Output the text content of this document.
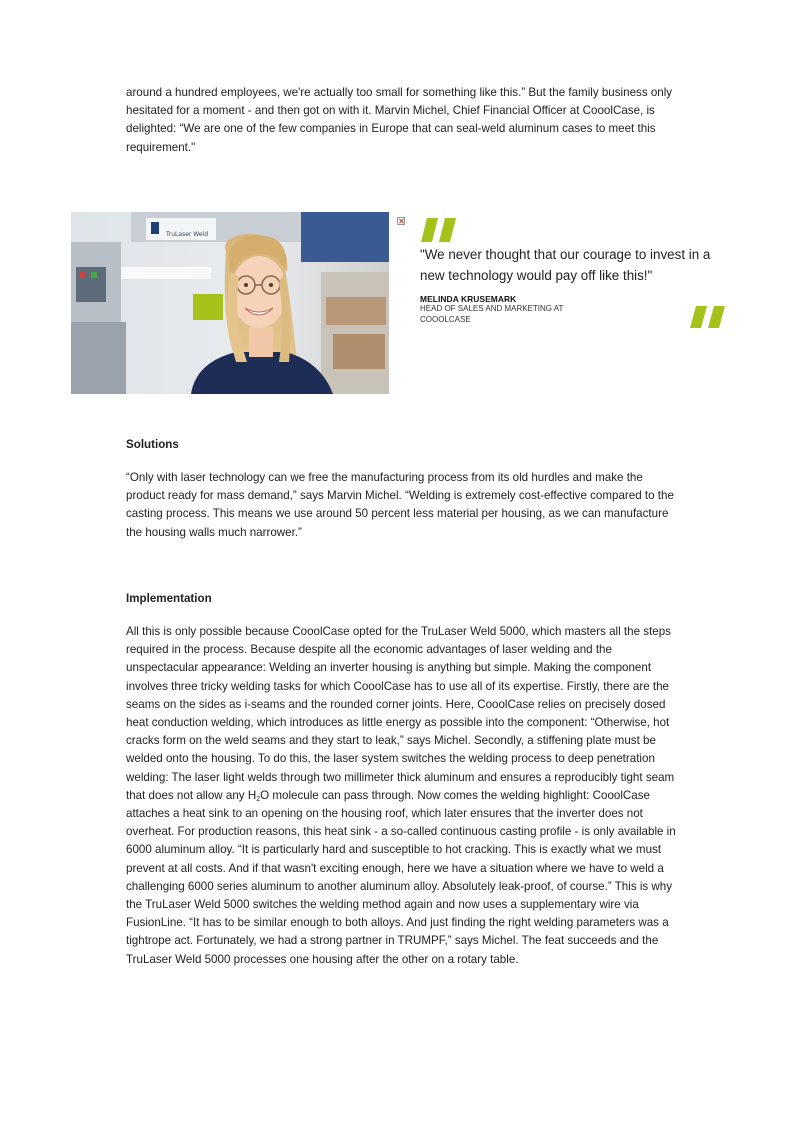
around a hundred employees, we're actually too small for something like this.” But the family business only hesitated for a moment - and then got on with it. Marvin Michel, Chief Financial Officer at CooolCase, is delighted: “We are one of the few companies in Europe that can seal-weld aluminum cases to meet this requirement."

TruLaser Weld

"We never thought that our courage to invest in a new technology would pay off like this!"

MELINDA KRUSEMARK

HEAD OF SALES AND MARKETING AT COOOLCASE

Solutions

“Only with laser technology can we free the manufacturing process from its old hurdles and make the product ready for mass demand,” says Marvin Michel. “Welding is extremely cost-effective compared to the casting process. This means we use around 50 percent less material per housing, as we can manufacture the housing walls much narrower.”

Implementation

All this is only possible because CooolCase opted for the TruLaser Weld 5000, which masters all the steps required in the process. Because despite all the economic advantages of laser welding and the unspectacular appearance: Welding an inverter housing is anything but simple. Making the component involves three tricky welding tasks for which CooolCase has to use all of its expertise. Firstly, there are the seams on the sides as i-seams and the rounded corner joints. Here, CooolCase relies on precisely dosed heat conduction welding, which introduces as little energy as possible into the component: “Otherwise, hot cracks form on the weld seams and they start to leak,” says Michel. Secondly, a stiffening plate must be welded onto the housing. To do this, the laser system switches the welding process to deep penetration welding: The laser light welds through two millimeter thick aluminum and ensures a reproducibly tight seam that does not allow any $H_2O$ molecule can pass through. Now comes the welding highlight: CooolCase attaches a heat sink to an opening on the housing roof, which later ensures that the inverter does not overheat. For production reasons, this heat sink - a so-called continuous casting profile - is only available in 6000 aluminum alloy. “It is particularly hard and susceptible to hot cracking. This is exactly what we must prevent at all costs. And if that wasn't exciting enough, here we have a situation where we have to weld a challenging 6000 series aluminum to another aluminum alloy. Absolutely leak-proof, of course.” This is why the TruLaser Weld 5000 switches the welding method again and now uses a supplementary wire via FusionLine. “It has to be similar enough to both alloys. And just finding the right welding parameters was a tightrope act. Fortunately, we had a strong partner in TRUMPF,” says Michel. The feat succeeds and the TruLaser Weld 5000 processes one housing after the other on a rotary table.
